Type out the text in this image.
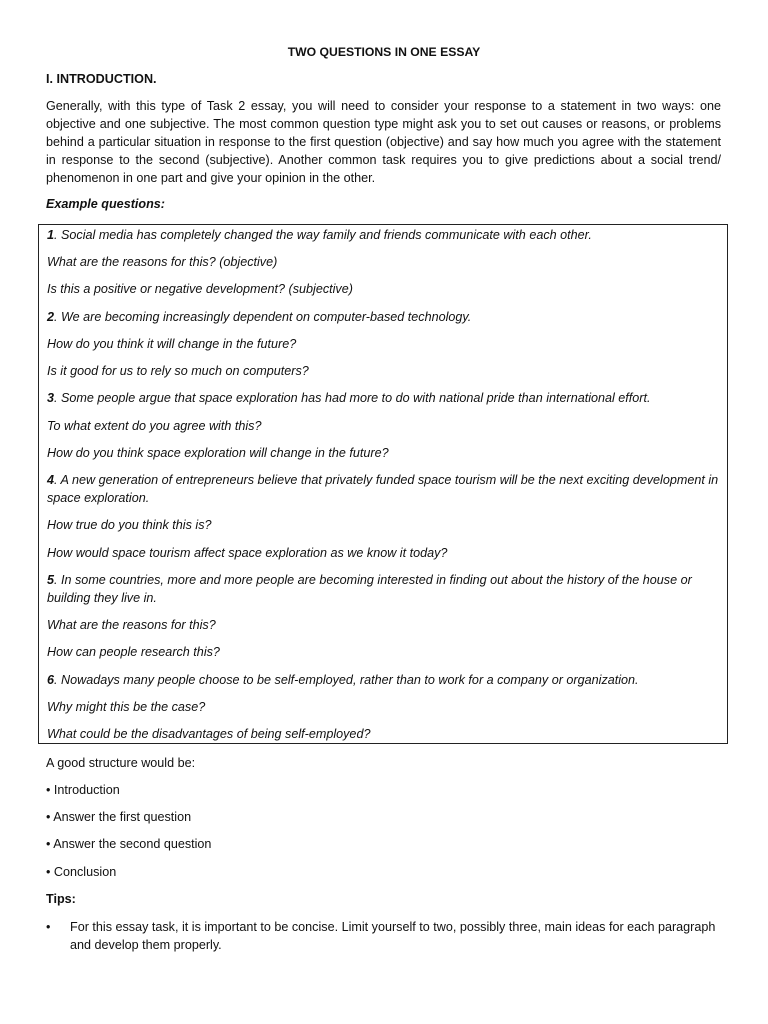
TWO QUESTIONS IN ONE ESSAY
I. INTRODUCTION.

Generally, with this type of Task 2 essay, you will need to consider your response to a statement in two ways: one objective and one subjective. The most common question type might ask you to set out causes or reasons, or problems behind a particular situation in response to the first question (objective) and say how much you agree with the statement in response to the second (subjective). Another common task requires you to give predictions about a social trend/ phenomenon in one part and give your opinion in the other.

Example questions:

1. Social media has completely changed the way family and friends communicate with each other.

What are the reasons for this? (objective)

Is this a positive or negative development? (subjective)

2. We are becoming increasingly dependent on computer-based technology.

How do you think it will change in the future?

Is it good for us to rely so much on computers?

3. Some people argue that space exploration has had more to do with national pride than international effort.

To what extent do you agree with this?

How do you think space exploration will change in the future?

4. A new generation of entrepreneurs believe that privately funded space tourism will be the next exciting development in space exploration.

How true do you think this is?

How would space tourism affect space exploration as we know it today?

5. In some countries, more and more people are becoming interested in finding out about the history of the house or building they live in.

What are the reasons for this?

How can people research this?

6. Nowadays many people choose to be self-employed, rather than to work for a company or organization.

Why might this be the case?

What could be the disadvantages of being self-employed?

A good structure would be:

• Introduction

• Answer the first question

• Answer the second question

• Conclusion

Tips:

•	For this essay task, it is important to be concise. Limit yourself to two, possibly three, main ideas for each paragraph and develop them properly.
